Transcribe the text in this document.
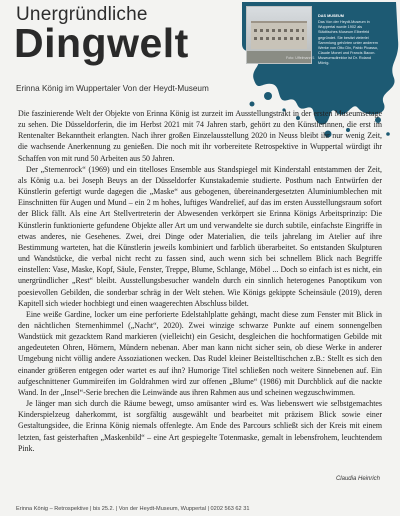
Unergründliche
Dingwelt
Erinna König im Wuppertaler Von der Heydt-Museum
Foto: Uffelmann/J.
DAS MUSEUM
Das Von der Heydt-Museum in Wuppertal wurde 1902 als Städtisches Museum Elberfeld gegründet. Sie besitzt vielerlei Sammlung gehörten unter anderem Werke von Otto Dix, Pablo Picasso, Claude Monet und Francis Bacon. Museumsdirektor ist Dr. Roland Mönig.

Die faszinierende Welt der Objekte von Erinna König ist zurzeit im Ausstellungstrakt in der ersten Museumsetage zu sehen. Die Düsseldorferin, die im Herbst 2021 mit 74 Jahren starb, gehört zu den Künstlerinnen, die erst im Rentenalter Bekanntheit erlangten. Nach ihrer großen Einzelausstellung 2020 in Neuss bleibt ihr nur wenig Zeit, die wachsende Anerkennung zu genießen. Die noch mit ihr vorbereitete Retrospektive in Wuppertal würdigt ihr Schaffen von mit rund 50 Arbeiten aus 50 Jahren.

Der „Sternenrock“ (1969) und ein titelloses Ensemble aus Standspiegel mit Kinderstahl entstammen der Zeit, als König u.a. bei Joseph Beuys an der Düsseldorfer Kunstakademie studierte. Posthum nach Entwürfen der Künstlerin gefertigt wurde dagegen die „Maske“ aus gebogenen, übereinandergesetzten Aluminiumblechen mit Einschnitten für Augen und Mund – ein 2 m hohes, luftiges Wandrelief, auf das im ersten Ausstellungsraum sofort der Blick fällt. Als eine Art Stellvertreterin der Abwesenden verkörpert sie Erinna Königs Arbeitsprinzip: Die Künstlerin funktionierte gefundene Objekte aller Art um und verwandelte sie durch subtile, einfachste Eingriffe in etwas anderes, nie Gesehenes. Zwei, drei Dinge oder Materialien, die teils jahrelang im Atelier auf ihre Bestimmung warteten, hat die Künstlerin jeweils kombiniert und farblich überarbeitet. So entstanden Skulpturen und Wandstücke, die verbal nicht recht zu fassen sind, auch wenn sich bei schnellem Blick nach Begriffe einstellen: Vase, Maske, Kopf, Säule, Fenster, Treppe, Blume, Schlange, Möbel ... Doch so einfach ist es nicht, ein unergründlicher „Rest“ bleibt. Ausstellungsbesucher wandeln durch ein sinnlich heterogenes Panoptikum von poesievollen Gebilden, die sonderbar schräg in der Welt stehen. Wie Königs gekippte Scheinsäule (2019), deren Kapitell sich wieder hochbiegt und einen waagerechten Abschluss bildet.

Eine weiße Gardine, locker um eine perforierte Edelstahlplatte gehängt, macht diese zum Fenster mit Blick in den nächtlichen Sternenhimmel („Nacht“, 2020). Zwei winzige schwarze Punkte auf einem sonnengelben Wandstück mit gezacktem Rand markieren (vielleicht) ein Gesicht, desgleichen die hochformatigen Gebilde mit angedeuteten Ohren, Hörnern, Mündern nebenan. Aber man kann nicht sicher sein, ob diese Werke in anderer Umgebung nicht völlig andere Assoziationen wecken. Das Rudel kleiner Beistelltischchen z.B.: Stellt es sich den einander größeren entgegen oder wartet es auf ihn? Humorige Titel schließen noch weitere Sinnebenen auf. Ein aufgeschnittener Gummireifen im Goldrahmen wird zur offenen „Blume“ (1986) mit Durchblick auf die nackte Wand. In der „Insel“-Serie brechen die Leinwände aus ihren Rahmen aus und scheinen wegzuschwimmen.

Je länger man sich durch die Räume bewegt, umso amüsanter wird es. Was liebenswert wie selbstgemachtes Kinderspielzeug daherkommt, ist sorgfältig ausgewählt und bearbeitet mit präzisem Blick sowie einer Gestaltungsidee, die Erinna König niemals offenlegte. Am Ende des Parcours schließt sich der Kreis mit einem letzten, fast geisterhaften „Maskenbild“ – eine Art gespiegelte Totenmaske, gemalt in lebensfrohem, leuchtendem Pink.

Claudia Heinrich
Erinna König – Retrospektive | bis 25.2. | Von der Heydt-Museum, Wuppertal | 0202 563 62 31
